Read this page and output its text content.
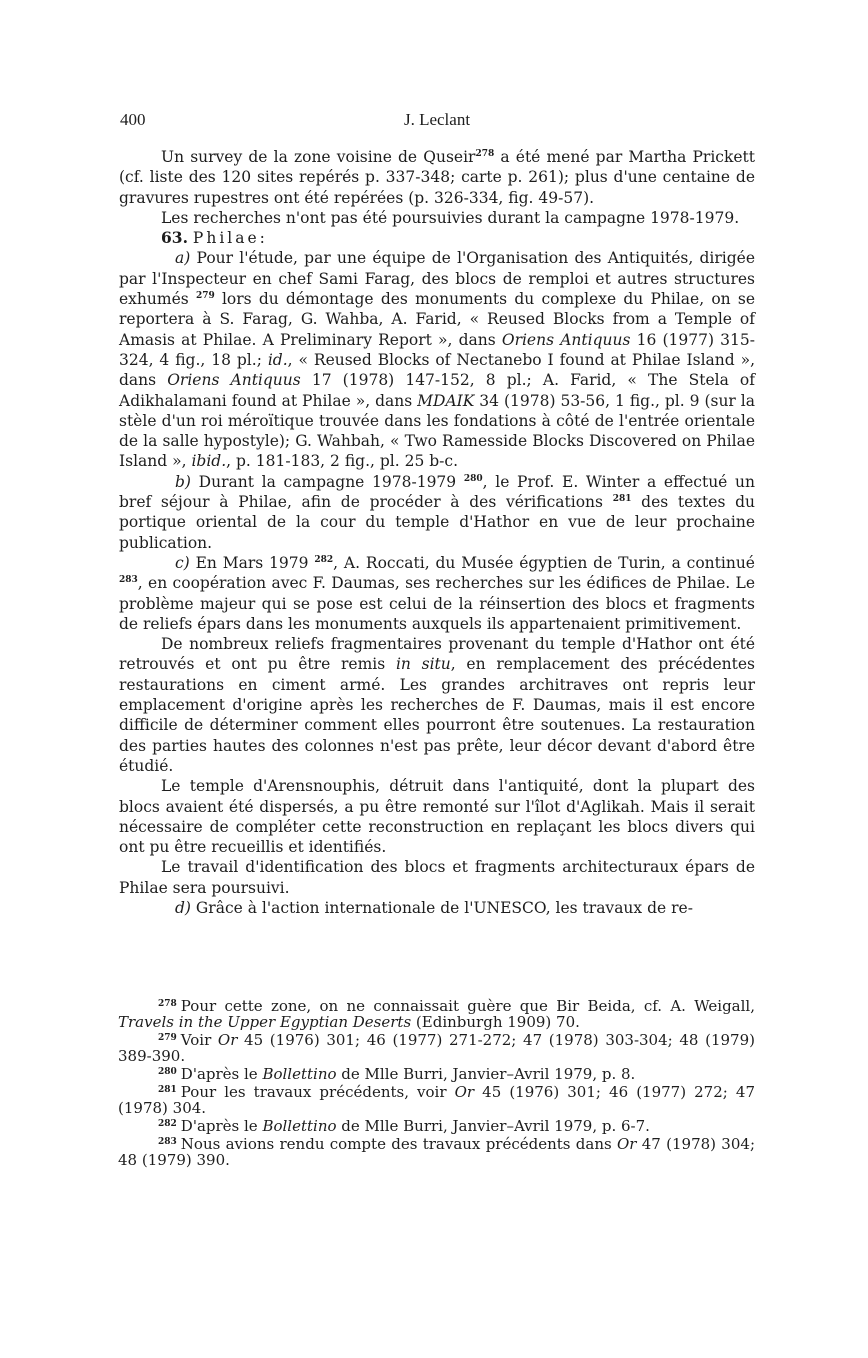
400	J. Leclant

Un survey de la zone voisine de Quseir$^{278}$ a été mené par Martha Prickett (cf. liste des 120 sites repérés p. 337-348; carte p. 261); plus d'une centaine de gravures rupestres ont été repérées (p. 326-334, fig. 49-57).

Les recherches n'ont pas été poursuivies durant la campagne 1978-1979.

63. Philae:

a) Pour l'étude, par une équipe de l'Organisation des Antiquités, dirigée par l'Inspecteur en chef Sami Farag, des blocs de remploi et autres structures exhumés $^{279}$ lors du démontage des monuments du complexe du Philae, on se reportera à S. Farag, G. Wahba, A. Farid, « Reused Blocks from a Temple of Amasis at Philae. A Preliminary Report », dans Oriens Antiquus 16 (1977) 315-324, 4 fig., 18 pl.; id., « Reused Blocks of Nectanebo I found at Philae Island », dans Oriens Antiquus 17 (1978) 147-152, 8 pl.; A. Farid, « The Stela of Adikhalamani found at Philae », dans MDAIK 34 (1978) 53-56, 1 fig., pl. 9 (sur la stèle d'un roi méroïtique trouvée dans les fondations à côté de l'entrée orientale de la salle hypostyle); G. Wahbah, « Two Ramesside Blocks Discovered on Philae Island », ibid., p. 181-183, 2 fig., pl. 25 b-c.

b) Durant la campagne 1978-1979 $^{280}$, le Prof. E. Winter a effectué un bref séjour à Philae, afin de procéder à des vérifications $^{281}$ des textes du portique oriental de la cour du temple d'Hathor en vue de leur prochaine publication.

c) En Mars 1979 $^{282}$, A. Roccati, du Musée égyptien de Turin, a continué $^{283}$, en coopération avec F. Daumas, ses recherches sur les édifices de Philae. Le problème majeur qui se pose est celui de la réinsertion des blocs et fragments de reliefs épars dans les monuments auxquels ils appartenaient primitivement.

De nombreux reliefs fragmentaires provenant du temple d'Hathor ont été retrouvés et ont pu être remis in situ, en remplacement des précédentes restaurations en ciment armé. Les grandes architraves ont repris leur emplacement d'origine après les recherches de F. Daumas, mais il est encore difficile de déterminer comment elles pourront être soutenues. La restauration des parties hautes des colonnes n'est pas prête, leur décor devant d'abord être étudié.

Le temple d'Arensnouphis, détruit dans l'antiquité, dont la plupart des blocs avaient été dispersés, a pu être remonté sur l'îlot d'Aglikah. Mais il serait nécessaire de compléter cette reconstruction en replaçant les blocs divers qui ont pu être recueillis et identifiés.

Le travail d'identification des blocs et fragments architecturaux épars de Philae sera poursuivi.

d) Grâce à l'action internationale de l'UNESCO, les travaux de re-

$^{278}$ Pour cette zone, on ne connaissait guère que Bir Beida, cf. A. Weigall, Travels in the Upper Egyptian Deserts (Edinburgh 1909) 70.

$^{279}$ Voir Or 45 (1976) 301; 46 (1977) 271-272; 47 (1978) 303-304; 48 (1979) 389-390.

$^{280}$ D'après le Bollettino de Mlle Burri, Janvier–Avril 1979, p. 8.

$^{281}$ Pour les travaux précédents, voir Or 45 (1976) 301; 46 (1977) 272; 47 (1978) 304.

$^{282}$ D'après le Bollettino de Mlle Burri, Janvier–Avril 1979, p. 6-7.

$^{283}$ Nous avions rendu compte des travaux précédents dans Or 47 (1978) 304; 48 (1979) 390.
